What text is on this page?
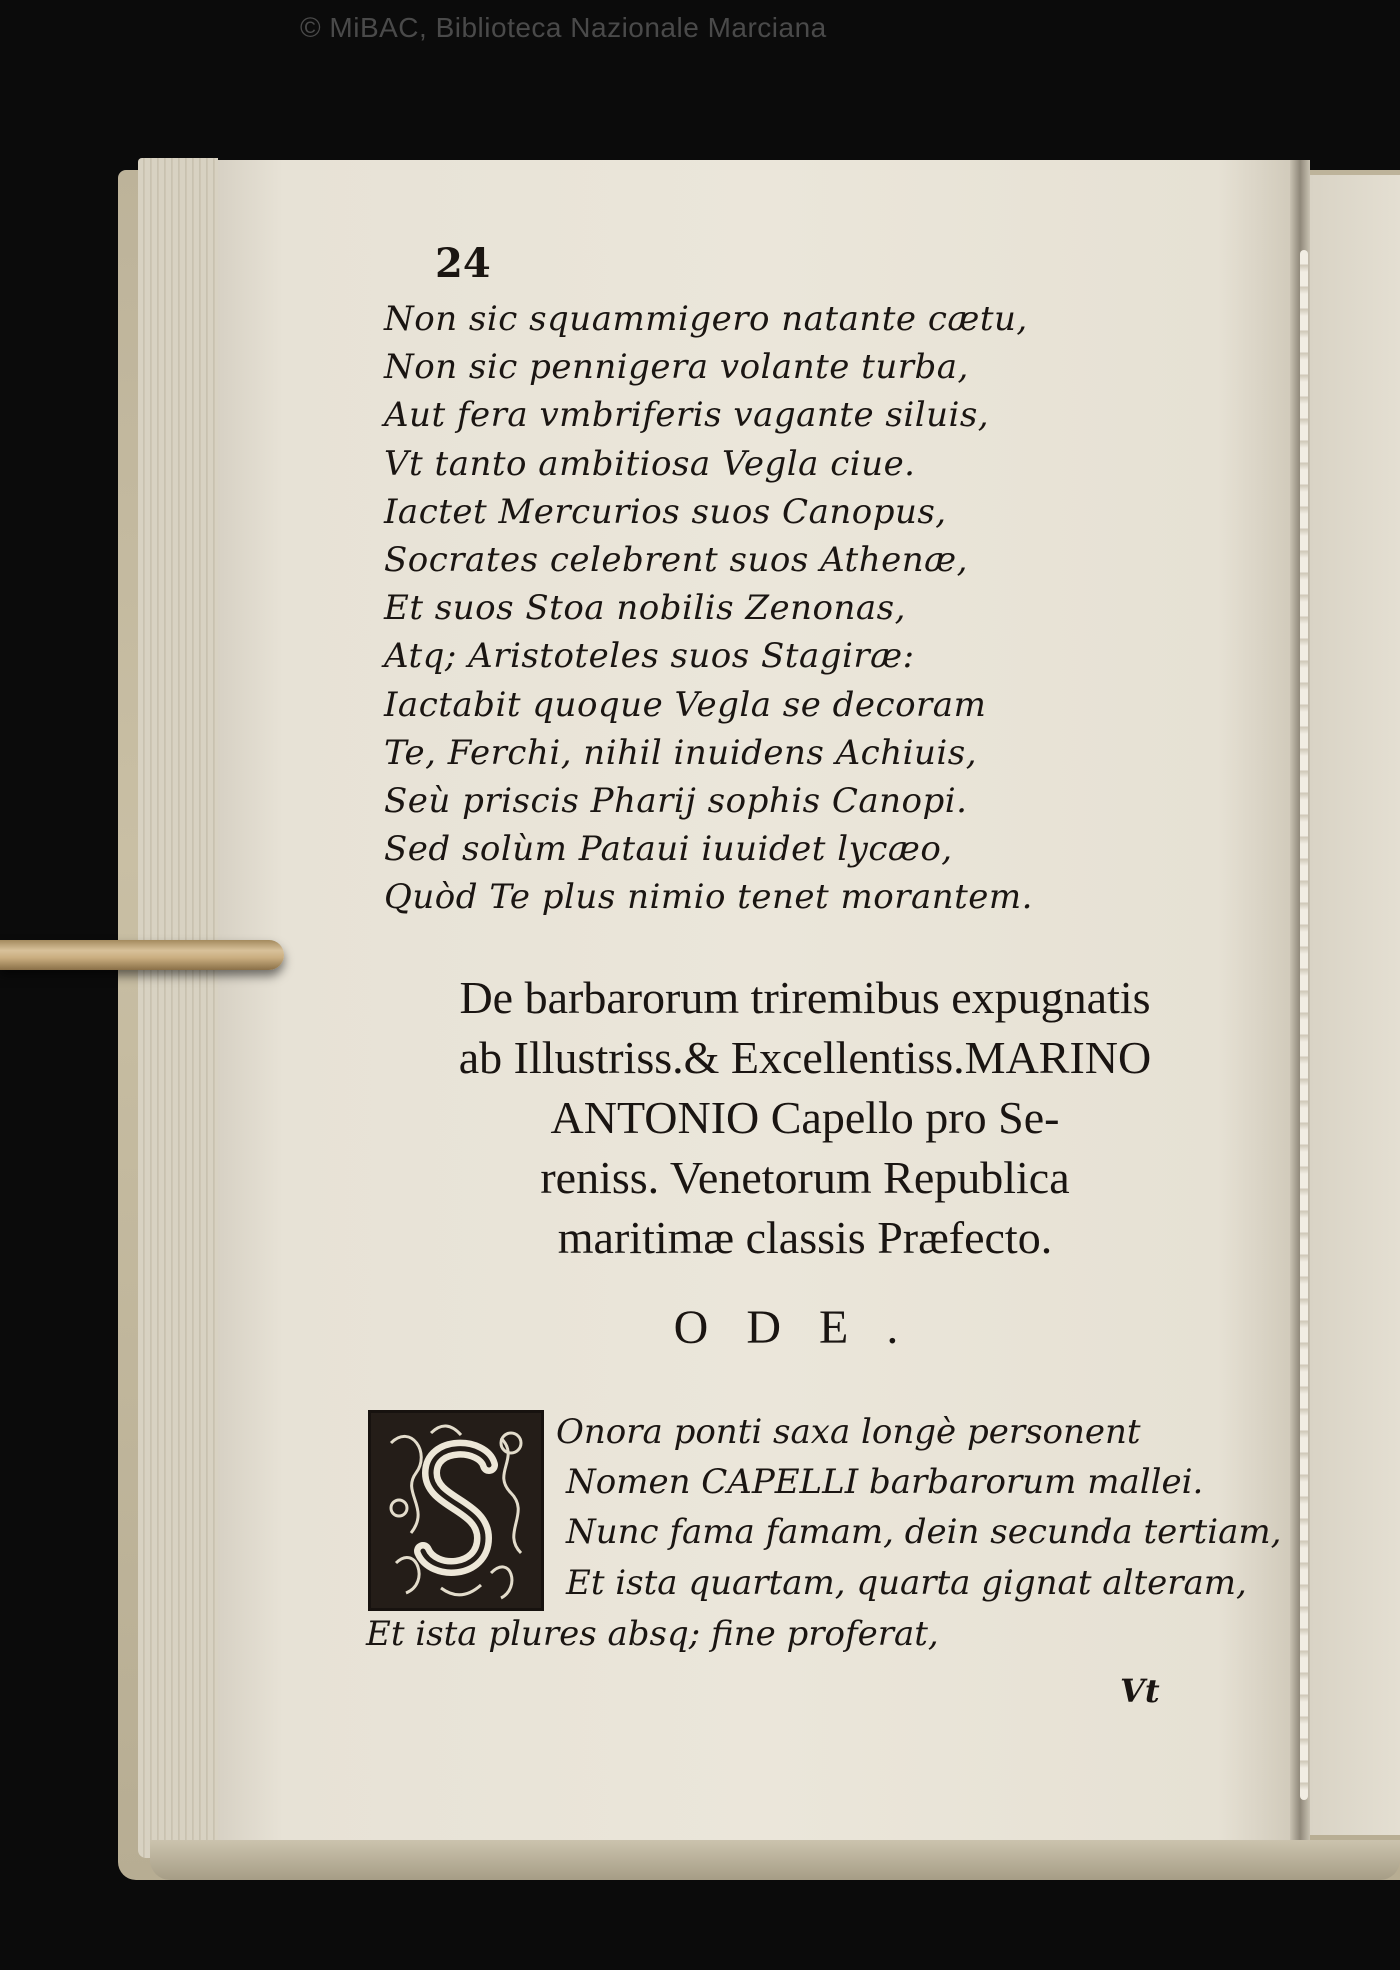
© MiBAC, Biblioteca Nazionale Marciana
24
Non sic squammigero natante cætu,
Non sic pennigera volante turba,
Aut fera vmbriferis vagante siluis,
Vt tanto ambitiosa Vegla ciue.
Iactet Mercurios suos Canopus,
Socrates celebrent suos Athenæ,
Et suos Stoa nobilis Zenonas,
Atq; Aristoteles suos Stagiræ:
Iactabit quoque Vegla se decoram
Te, Ferchi, nihil inuidens Achiuis,
Seù priscis Pharij sophis Canopi.
Sed solùm Pataui iuuidet lycæo,
Quòd Te plus nimio tenet morantem.
De barbarorum triremibus expugnatis
ab Illustriss.& Excellentiss.MARINO
ANTONIO Capello pro Se-
reniss. Venetorum Republica
maritimæ classis Præfecto.
ODE.
Onora ponti saxa longè personent
Nomen CAPELLI barbarorum mallei.
Nunc fama famam, dein secunda tertiam,
Et ista quartam, quarta gignat alteram,
Et ista plures absq; fine proferat,
Vt
